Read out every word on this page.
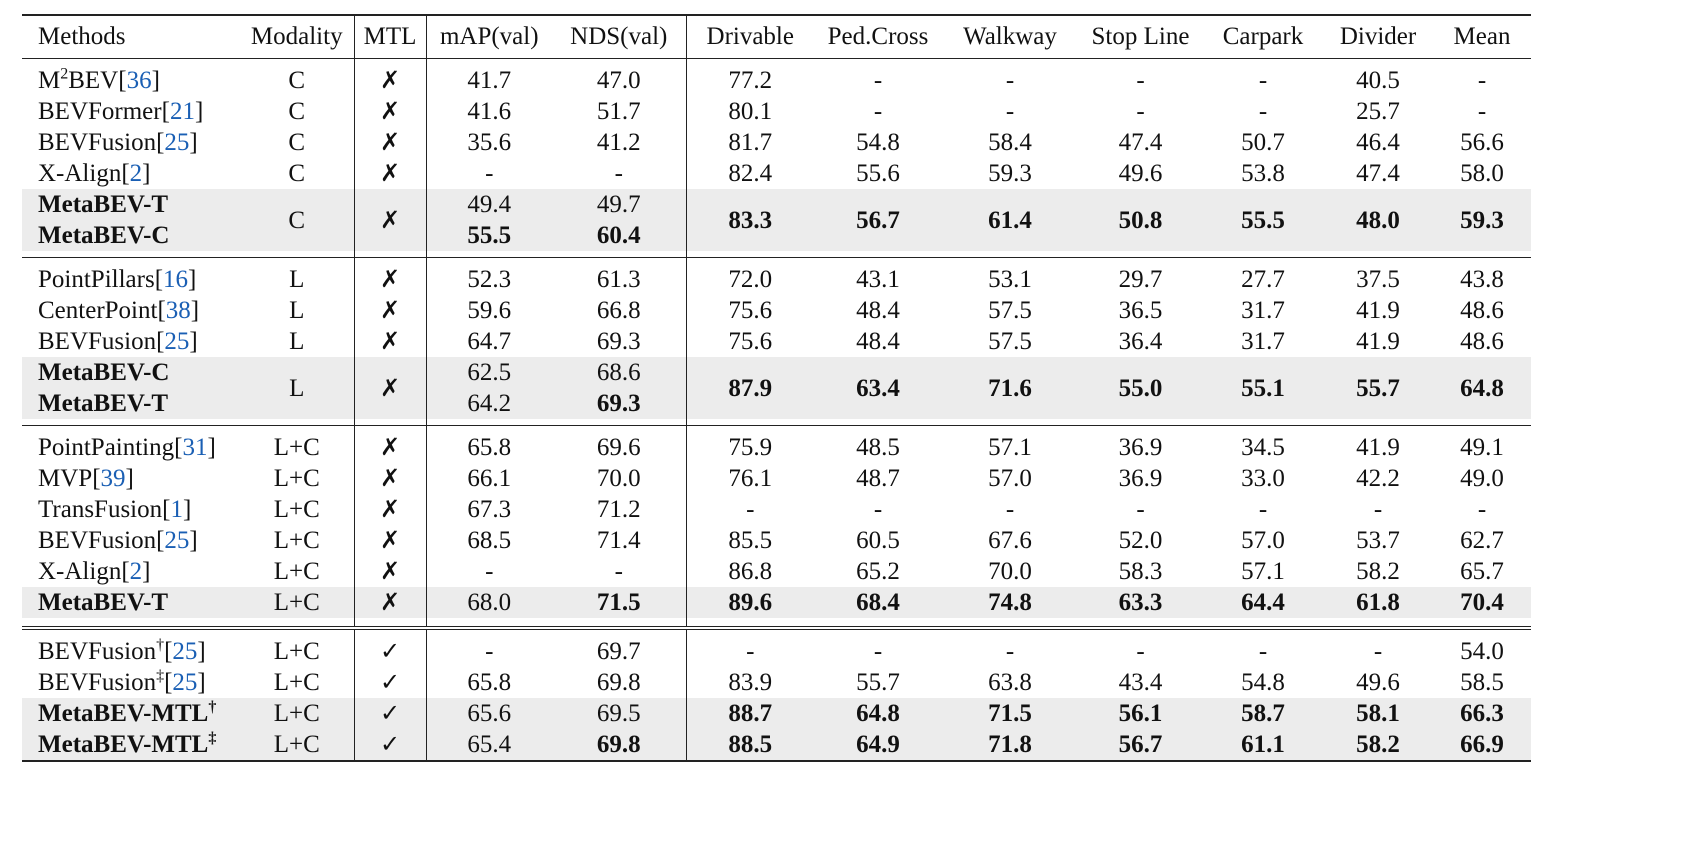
Methods	Modality	MTL	mAP(val)	NDS(val)	Drivable	Ped.Cross	Walkway	Stop Line	Carpark	Divider	Mean
$M^2BEV[36]$	C	✗	41.7	47.0	77.2	-	-	-	-	40.5	-
BEVFormer[21]	C	✗	41.6	51.7	80.1	-	-	-	-	25.7	-
BEVFusion[25]	C	✗	35.6	41.2	81.7	54.8	58.4	47.4	50.7	46.4	56.6
X-Align[2]	C	✗	-	-	82.4	55.6	59.3	49.6	53.8	47.4	58.0
MetaBEV-T	C	✗	49.4	49.7	83.3	56.7	61.4	50.8	55.5	48.0	59.3
MetaBEV-C			55.5	60.4							

PointPillars[16]	L	✗	52.3	61.3	72.0	43.1	53.1	29.7	27.7	37.5	43.8
CenterPoint[38]	L	✗	59.6	66.8	75.6	48.4	57.5	36.5	31.7	41.9	48.6
BEVFusion[25]	L	✗	64.7	69.3	75.6	48.4	57.5	36.4	31.7	41.9	48.6
MetaBEV-C	L	✗	62.5	68.6	87.9	63.4	71.6	55.0	55.1	55.7	64.8
MetaBEV-T			64.2	69.3							

PointPainting[31]	L+C	✗	65.8	69.6	75.9	48.5	57.1	36.9	34.5	41.9	49.1
MVP[39]	L+C	✗	66.1	70.0	76.1	48.7	57.0	36.9	33.0	42.2	49.0
TransFusion[1]	L+C	✗	67.3	71.2	-	-	-	-	-	-	-
BEVFusion[25]	L+C	✗	68.5	71.4	85.5	60.5	67.6	52.0	57.0	53.7	62.7
X-Align[2]	L+C	✗	-	-	86.8	65.2	70.0	58.3	57.1	58.2	65.7
MetaBEV-T	L+C	✗	68.0	71.5	89.6	68.4	74.8	63.3	64.4	61.8	70.4

BEVFusion†[25]	L+C	✓	-	69.7	-	-	-	-	-	-	54.0
BEVFusion‡[25]	L+C	✓	65.8	69.8	83.9	55.7	63.8	43.4	54.8	49.6	58.5
MetaBEV-MTL†	L+C	✓	65.6	69.5	88.7	64.8	71.5	56.1	58.7	58.1	66.3
MetaBEV-MTL‡	L+C	✓	65.4	69.8	88.5	64.9	71.8	56.7	61.1	58.2	66.9
